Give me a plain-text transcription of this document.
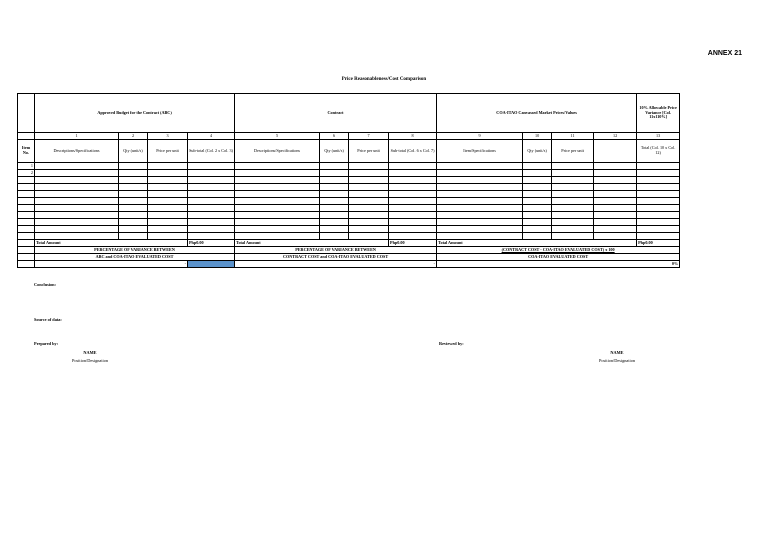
ANNEX 21
Price Reasonableness/Cost Comparison
	Approved Budget for the Contract (ABC)				Contract				COA-ITAO Canvassed Market Prices/Values				10% Allowable Price Variance [Col. 11x110%]		
	1	2	3	4	5	6	7	8	9	10	11	12	13	
Item No.	Descriptions/Specifications	Qty (unit/s)	Price per unit	Sub-total (Col. 2 x Col. 3)	Descriptions/Specifications	Qty (unit/s)	Price per unit	Sub-total (Col. 6 x Col. 7)	Item/Specifications	Qty (unit/s)	Price per unit		Total (Col. 10 x Col. 12)	
1														
2														

	Total Amount			Php0.00	Total Amount			Php0.00	Total Amount				Php0.00	
	PERCENTAGE OF VARIANCE BETWEEN				PERCENTAGE OF VARIANCE BETWEEN				(CONTRACT COST - COA-ITAO EVALUATED COST) x 100					
	ABC and COA-ITAO EVALUATED COST				CONTRACT COST and COA-ITAO EVALUATED COST				COA-ITAO EVALUATED COST					
	-				-				0%					
Conclusion:
Source of data:
Prepared by:
NAME
Position/Designation
Reviewed by:
NAME
Position/Designation
